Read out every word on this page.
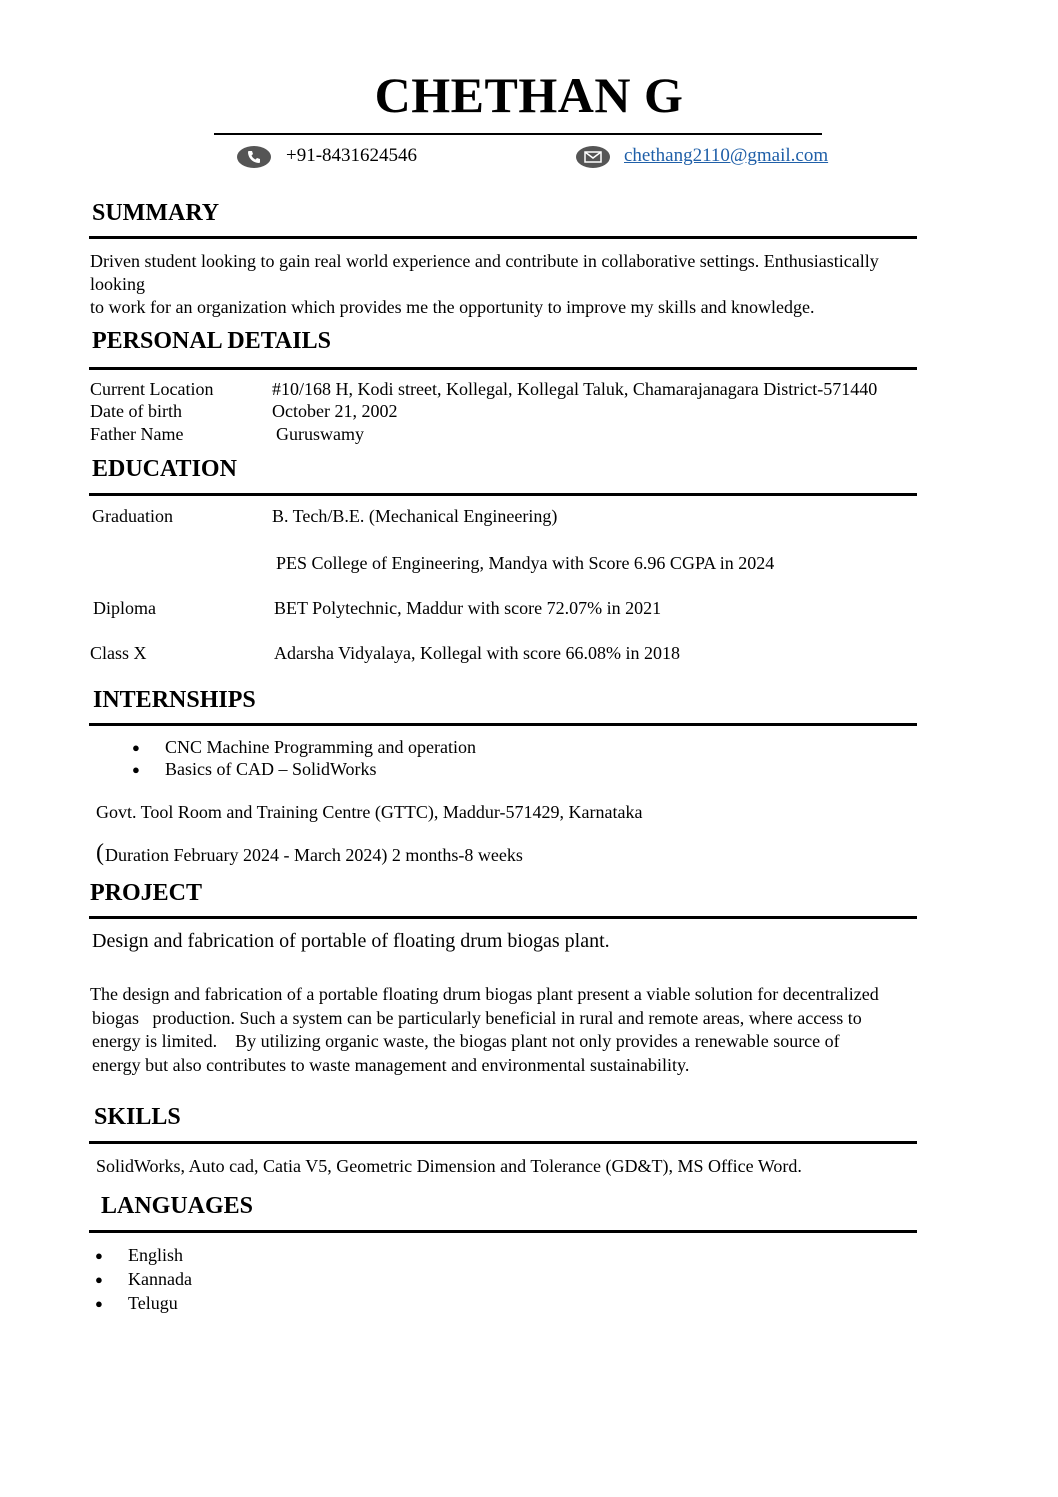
CHETHAN G
+91-8431624546	chethang2110@gmail.com
SUMMARY
Driven student looking to gain real world experience and contribute in collaborative settings. Enthusiastically
looking
to work for an organization which provides me the opportunity to improve my skills and knowledge.
PERSONAL DETAILS
Current Location	#10/168 H, Kodi street, Kollegal, Kollegal Taluk, Chamarajanagara District-571440
Date of birth	October 21, 2002
Father Name	Guruswamy
EDUCATION
Graduation	B. Tech/B.E. (Mechanical Engineering)
PES College of Engineering, Mandya with Score 6.96 CGPA in 2024
Diploma	BET Polytechnic, Maddur with score 72.07% in 2021
Class X	Adarsha Vidyalaya, Kollegal with score 66.08% in 2018
INTERNSHIPS
● CNC Machine Programming and operation
● Basics of CAD – SolidWorks
Govt. Tool Room and Training Centre (GTTC), Maddur-571429, Karnataka
( Duration February 2024 - March 2024) 2 months-8 weeks
PROJECT
Design and fabrication of portable of floating drum biogas plant.
The design and fabrication of a portable floating drum biogas plant present a viable solution for decentralized
biogas   production. Such a system can be particularly beneficial in rural and remote areas, where access to
energy is limited.    By utilizing organic waste, the biogas plant not only provides a renewable source of
energy but also contributes to waste management and environmental sustainability.
SKILLS
SolidWorks, Auto cad, Catia V5, Geometric Dimension and Tolerance (GD&T), MS Office Word.
LANGUAGES
● English
● Kannada
● Telugu
